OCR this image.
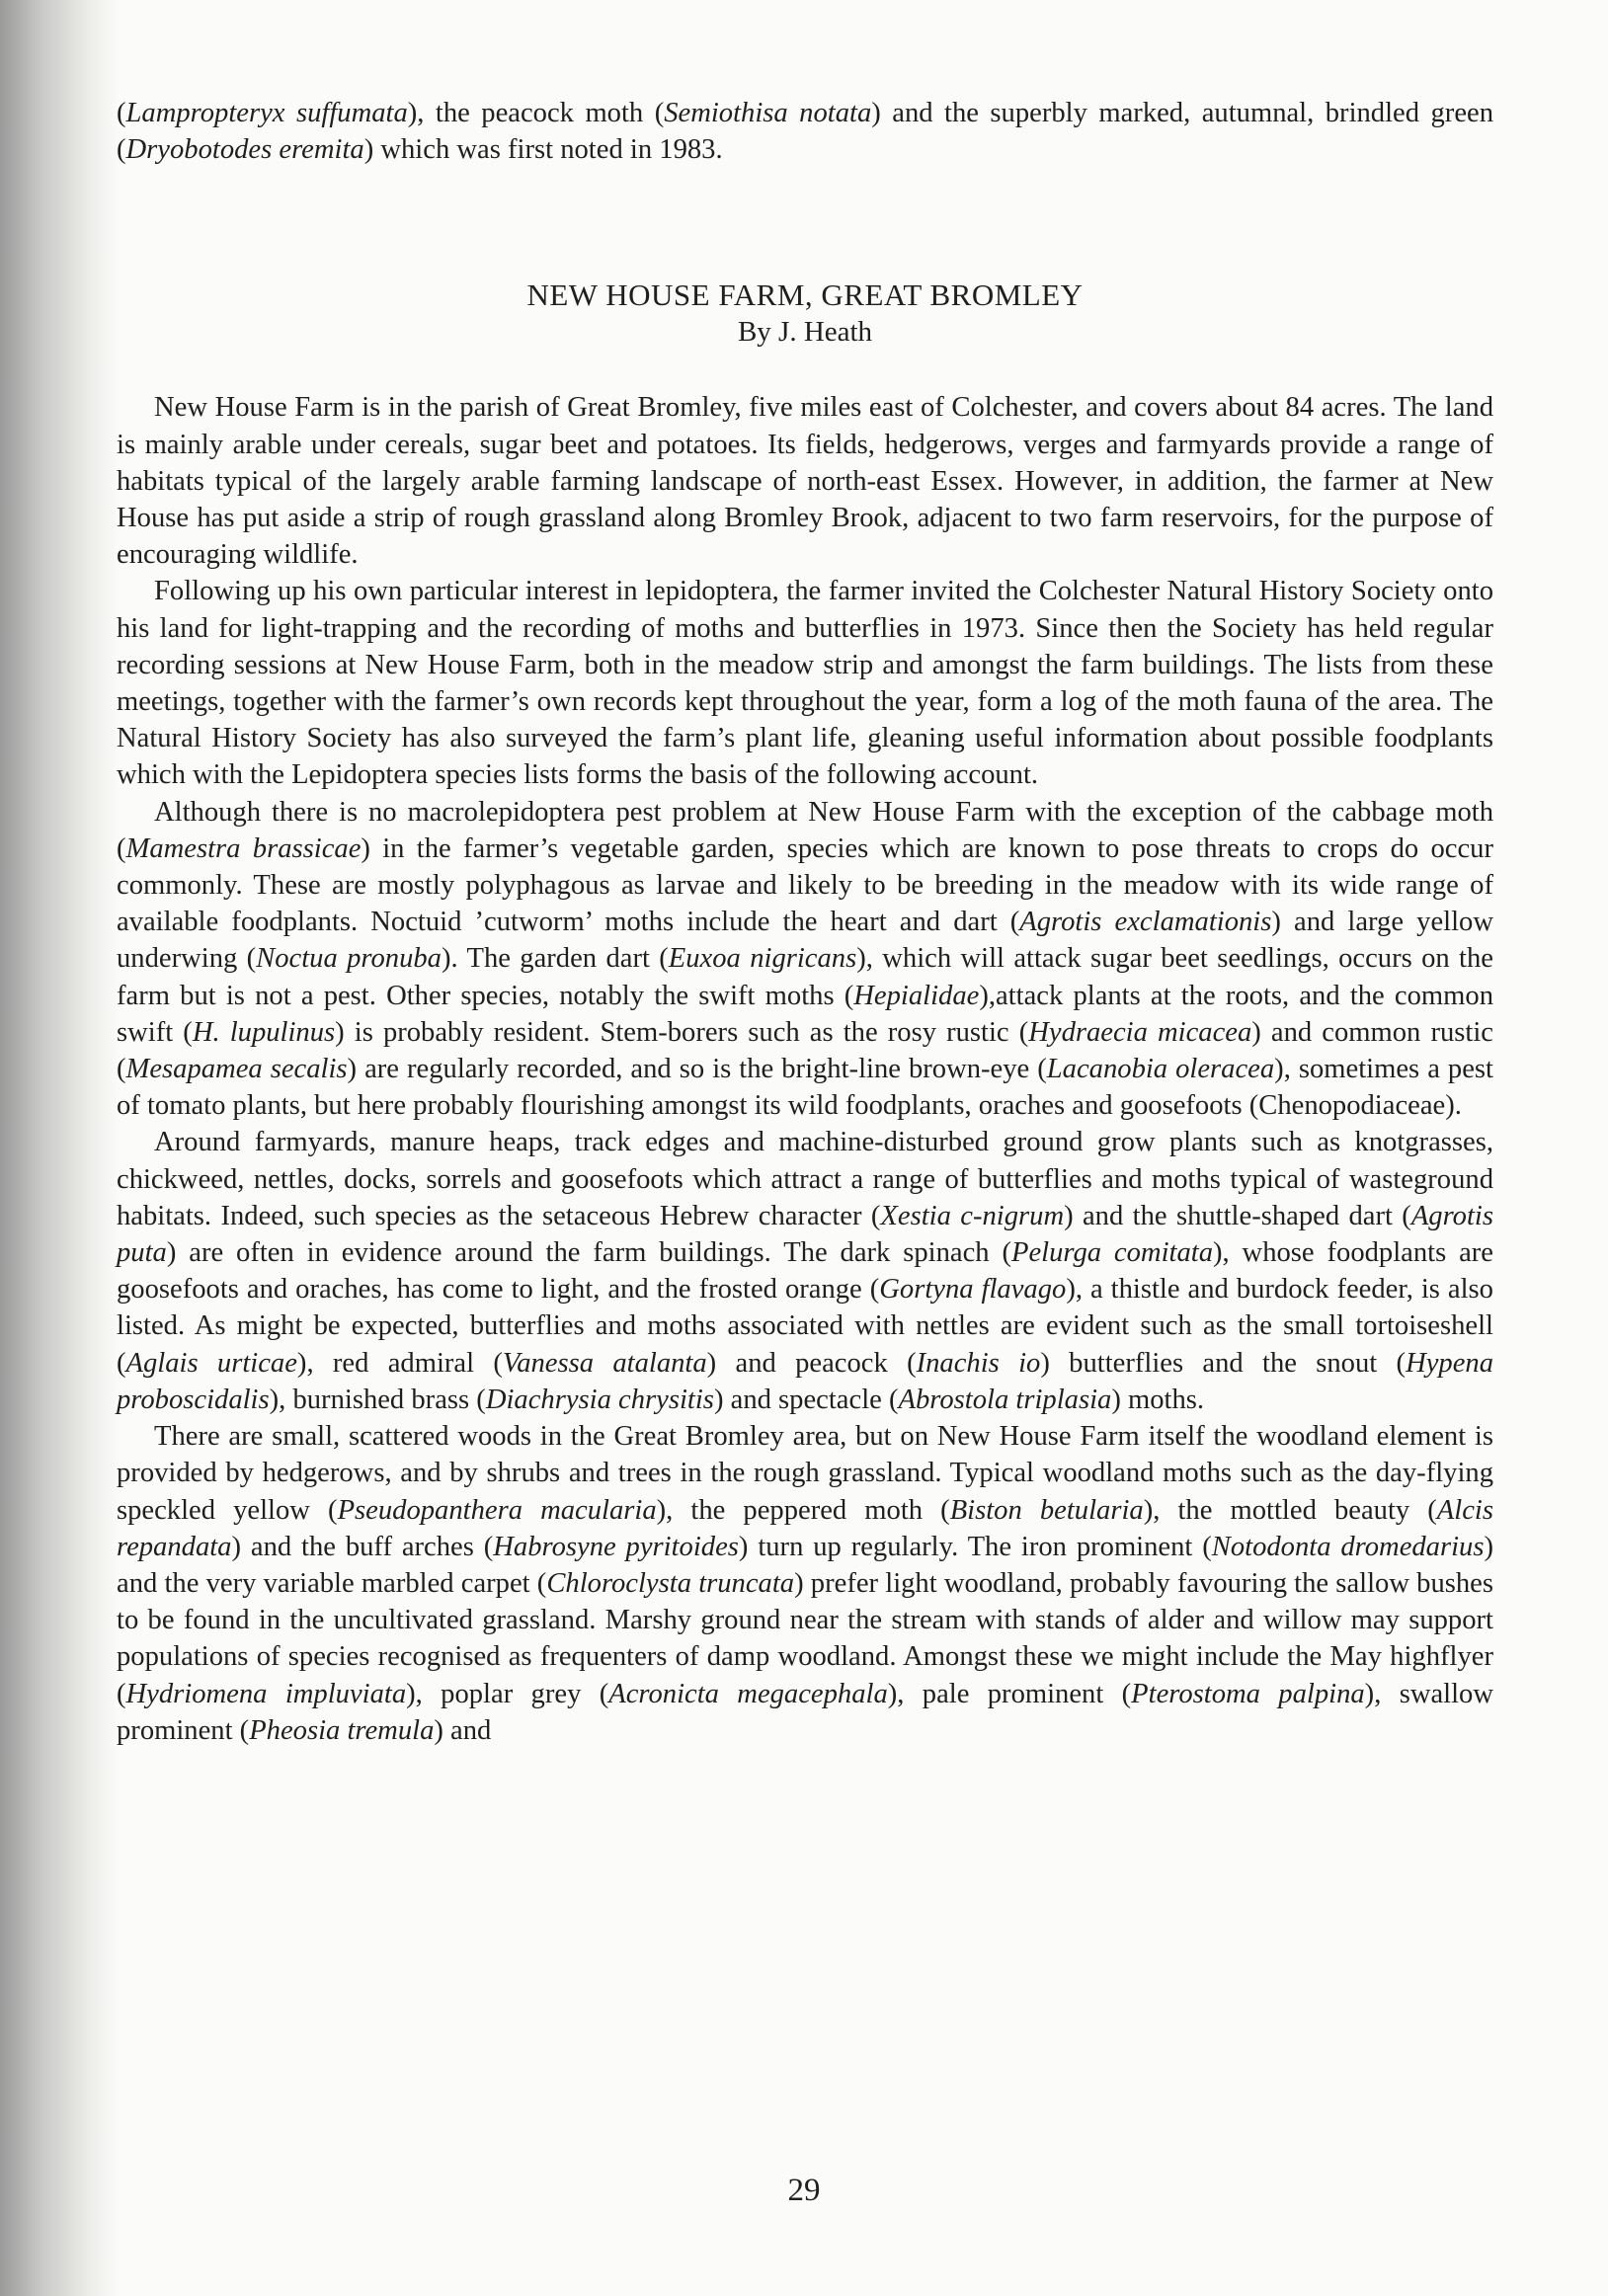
(Lampropteryx suffumata), the peacock moth (Semiothisa notata) and the superbly marked, autumnal, brindled green (Dryobotodes eremita) which was first noted in 1983.

NEW HOUSE FARM, GREAT BROMLEY
By J. Heath

New House Farm is in the parish of Great Bromley, five miles east of Colchester, and covers about 84 acres. The land is mainly arable under cereals, sugar beet and potatoes. Its fields, hedgerows, verges and farmyards provide a range of habitats typical of the largely arable farming landscape of north-east Essex. However, in addition, the farmer at New House has put aside a strip of rough grassland along Bromley Brook, adjacent to two farm reservoirs, for the purpose of encouraging wildlife.

Following up his own particular interest in lepidoptera, the farmer invited the Colchester Natural History Society onto his land for light-trapping and the recording of moths and butterflies in 1973. Since then the Society has held regular recording sessions at New House Farm, both in the meadow strip and amongst the farm buildings. The lists from these meetings, together with the farmer’s own records kept throughout the year, form a log of the moth fauna of the area. The Natural History Society has also surveyed the farm’s plant life, gleaning useful information about possible foodplants which with the Lepidoptera species lists forms the basis of the following account.

Although there is no macrolepidoptera pest problem at New House Farm with the exception of the cabbage moth (Mamestra brassicae) in the farmer’s vegetable garden, species which are known to pose threats to crops do occur commonly. These are mostly polyphagous as larvae and likely to be breeding in the meadow with its wide range of available foodplants. Noctuid ’cutworm’ moths include the heart and dart (Agrotis exclamationis) and large yellow underwing (Noctua pronuba). The garden dart (Euxoa nigricans), which will attack sugar beet seedlings, occurs on the farm but is not a pest. Other species, notably the swift moths (Hepialidae),attack plants at the roots, and the common swift (H. lupulinus) is probably resident. Stem-borers such as the rosy rustic (Hydraecia micacea) and common rustic (Mesapamea secalis) are regularly recorded, and so is the bright-line brown-eye (Lacanobia oleracea), sometimes a pest of tomato plants, but here probably flourishing amongst its wild foodplants, oraches and goosefoots (Chenopodiaceae).

Around farmyards, manure heaps, track edges and machine-disturbed ground grow plants such as knotgrasses, chickweed, nettles, docks, sorrels and goosefoots which attract a range of butterflies and moths typical of wasteground habitats. Indeed, such species as the setaceous Hebrew character (Xestia c-nigrum) and the shuttle-shaped dart (Agrotis puta) are often in evidence around the farm buildings. The dark spinach (Pelurga comitata), whose foodplants are goosefoots and oraches, has come to light, and the frosted orange (Gortyna flavago), a thistle and burdock feeder, is also listed. As might be expected, butterflies and moths associated with nettles are evident such as the small tortoiseshell (Aglais urticae), red admiral (Vanessa atalanta) and peacock (Inachis io) butterflies and the snout (Hypena proboscidalis), burnished brass (Diachrysia chrysitis) and spectacle (Abrostola triplasia) moths.

There are small, scattered woods in the Great Bromley area, but on New House Farm itself the woodland element is provided by hedgerows, and by shrubs and trees in the rough grassland. Typical woodland moths such as the day-flying speckled yellow (Pseudopanthera macularia), the peppered moth (Biston betularia), the mottled beauty (Alcis repandata) and the buff arches (Habrosyne pyritoides) turn up regularly. The iron prominent (Notodonta dromedarius) and the very variable marbled carpet (Chloroclysta truncata) prefer light woodland, probably favouring the sallow bushes to be found in the uncultivated grassland. Marshy ground near the stream with stands of alder and willow may support populations of species recognised as frequenters of damp woodland. Amongst these we might include the May highflyer (Hydriomena impluviata), poplar grey (Acronicta megacephala), pale prominent (Pterostoma palpina), swallow prominent (Pheosia tremula) and

29
